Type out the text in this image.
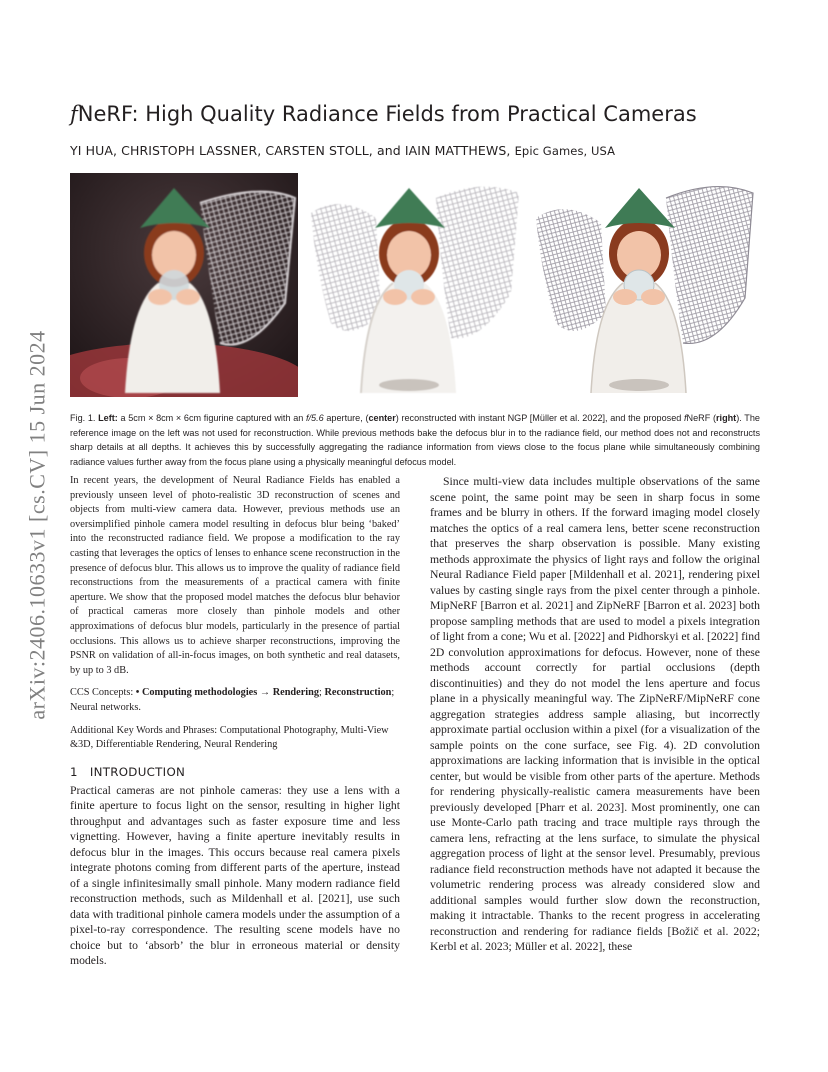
arXiv:2406.10633v1 [cs.CV] 15 Jun 2024
fNeRF: High Quality Radiance Fields from Practical Cameras
YI HUA, CHRISTOPH LASSNER, CARSTEN STOLL, and IAIN MATTHEWS, Epic Games, USA
Fig. 1. Left: a 5cm × 8cm × 6cm figurine captured with an f/5.6 aperture, (center) reconstructed with instant NGP [Müller et al. 2022], and the proposed fNeRF (right). The reference image on the left was not used for reconstruction. While previous methods bake the defocus blur in to the radiance field, our method does not and reconstructs sharp details at all depths. It achieves this by successfully aggregating the radiance information from views close to the focus plane while simultaneously combining radiance values further away from the focus plane using a physically meaningful defocus model.
In recent years, the development of Neural Radiance Fields has enabled a previously unseen level of photo-realistic 3D reconstruction of scenes and objects from multi-view camera data. However, previous methods use an oversimplified pinhole camera model resulting in defocus blur being ‘baked’ into the reconstructed radiance field. We propose a modification to the ray casting that leverages the optics of lenses to enhance scene reconstruction in the presence of defocus blur. This allows us to improve the quality of radiance field reconstructions from the measurements of a practical camera with finite aperture. We show that the proposed model matches the defocus blur behavior of practical cameras more closely than pinhole models and other approximations of defocus blur models, particularly in the presence of partial occlusions. This allows us to achieve sharper reconstructions, improving the PSNR on validation of all-in-focus images, on both synthetic and real datasets, by up to 3 dB.
CCS Concepts: • Computing methodologies → Rendering; Reconstruction; Neural networks.
Additional Key Words and Phrases: Computational Photography, Multi-View &3D, Differentiable Rendering, Neural Rendering
1 INTRODUCTION
Practical cameras are not pinhole cameras: they use a lens with a finite aperture to focus light on the sensor, resulting in higher light throughput and advantages such as faster exposure time and less vignetting. However, having a finite aperture inevitably results in defocus blur in the images. This occurs because real camera pixels integrate photons coming from different parts of the aperture, instead of a single infinitesimally small pinhole. Many modern radiance field reconstruction methods, such as Mildenhall et al. [2021], use such data with traditional pinhole camera models under the assumption of a pixel-to-ray correspondence. The resulting scene models have no choice but to ‘absorb’ the blur in erroneous material or density models.
Since multi-view data includes multiple observations of the same scene point, the same point may be seen in sharp focus in some frames and be blurry in others. If the forward imaging model closely matches the optics of a real camera lens, better scene reconstruction that preserves the sharp observation is possible. Many existing methods approximate the physics of light rays and follow the original Neural Radiance Field paper [Mildenhall et al. 2021], rendering pixel values by casting single rays from the pixel center through a pinhole. MipNeRF [Barron et al. 2021] and ZipNeRF [Barron et al. 2023] both propose sampling methods that are used to model a pixels integration of light from a cone; Wu et al. [2022] and Pidhorskyi et al. [2022] find 2D convolution approximations for defocus. However, none of these methods account correctly for partial occlusions (depth discontinuities) and they do not model the lens aperture and focus plane in a physically meaningful way. The ZipNeRF/MipNeRF cone aggregation strategies address sample aliasing, but incorrectly approximate partial occlusion within a pixel (for a visualization of the sample points on the cone surface, see Fig. 4). 2D convolution approximations are lacking information that is invisible in the optical center, but would be visible from other parts of the aperture. Methods for rendering physically-realistic camera measurements have been previously developed [Pharr et al. 2023]. Most prominently, one can use Monte-Carlo path tracing and trace multiple rays through the camera lens, refracting at the lens surface, to simulate the physical aggregation process of light at the sensor level. Presumably, previous radiance field reconstruction methods have not adapted it because the volumetric rendering process was already considered slow and additional samples would further slow down the reconstruction, making it intractable. Thanks to the recent progress in accelerating reconstruction and rendering for radiance fields [Božič et al. 2022; Kerbl et al. 2023; Müller et al. 2022], these
